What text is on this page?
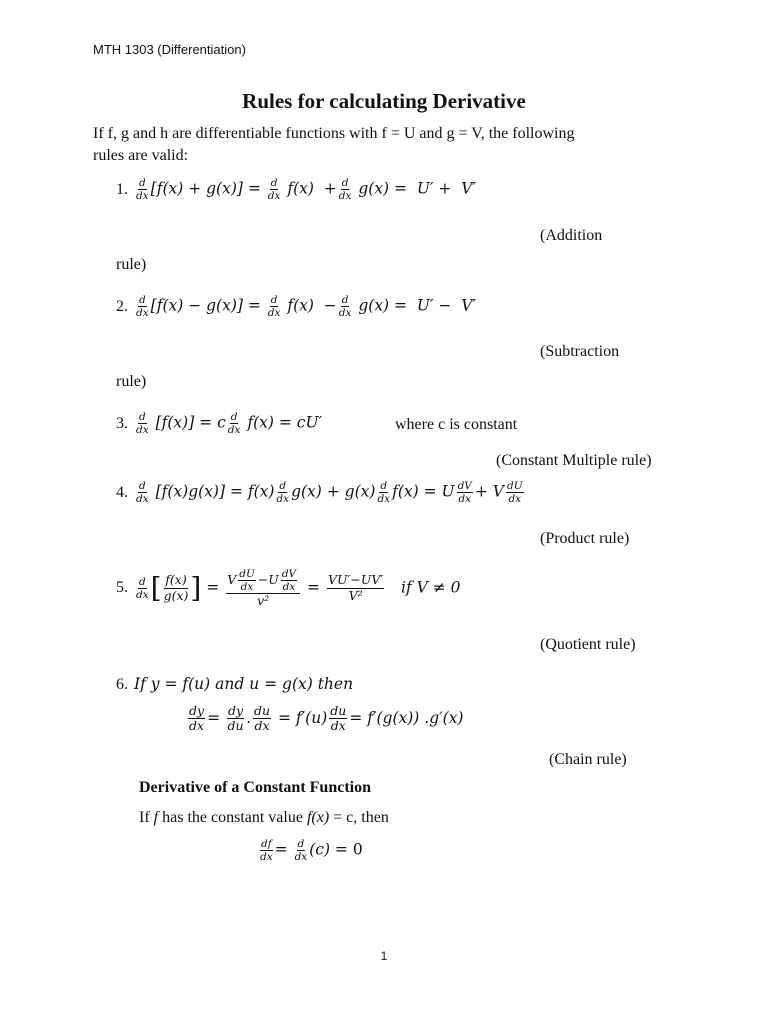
MTH 1303 (Differentiation)
Rules for calculating Derivative
If f, g and h are differentiable functions with f = U and g = V, the following
rules are valid:
1. $\frac{d}{dx} [f(x) + g(x)] = \frac{d}{dx} f(x) + \frac{d}{dx} g(x) = U' + V'$
(Addition
rule)
2. $\frac{d}{dx} [f(x) - g(x)] = \frac{d}{dx} f(x) - \frac{d}{dx} g(x) = U' - V'$
(Subtraction
rule)
3. $\frac{d}{dx} [f(x)] = c \frac{d}{dx} f(x) = cU'$	where c is constant
(Constant Multiple rule)
4. $\frac{d}{dx} [f(x)g(x)] = f(x) \frac{d}{dx} g(x) + g(x) \frac{d}{dx} f(x) = U \frac{dV}{dx} + V \frac{dU}{dx}$
(Product rule)
5. $\frac{d}{dx}$ [ $\frac{f(x)}{g(x)}$ ] = $\frac{V \frac{dU}{dx} -U \frac{dV}{dx}}{\text{v²}} = \frac{VU'-UV'}{\text{V²}}$ if V ≠ 0
(Quotient rule)
6. If y = f(u) and u = g(x) then
$\frac{dy}{dx} = \frac{dy}{du}$ . $\frac{du}{dx} = f'(u) \frac{du}{dx} = f'(g(x))$ .g′(x)
(Chain rule)
Derivative of a Constant Function
If f has the constant value f(x) = c, then
$\frac{df}{dx} = \frac{d}{dx} (c) = 0$
1
